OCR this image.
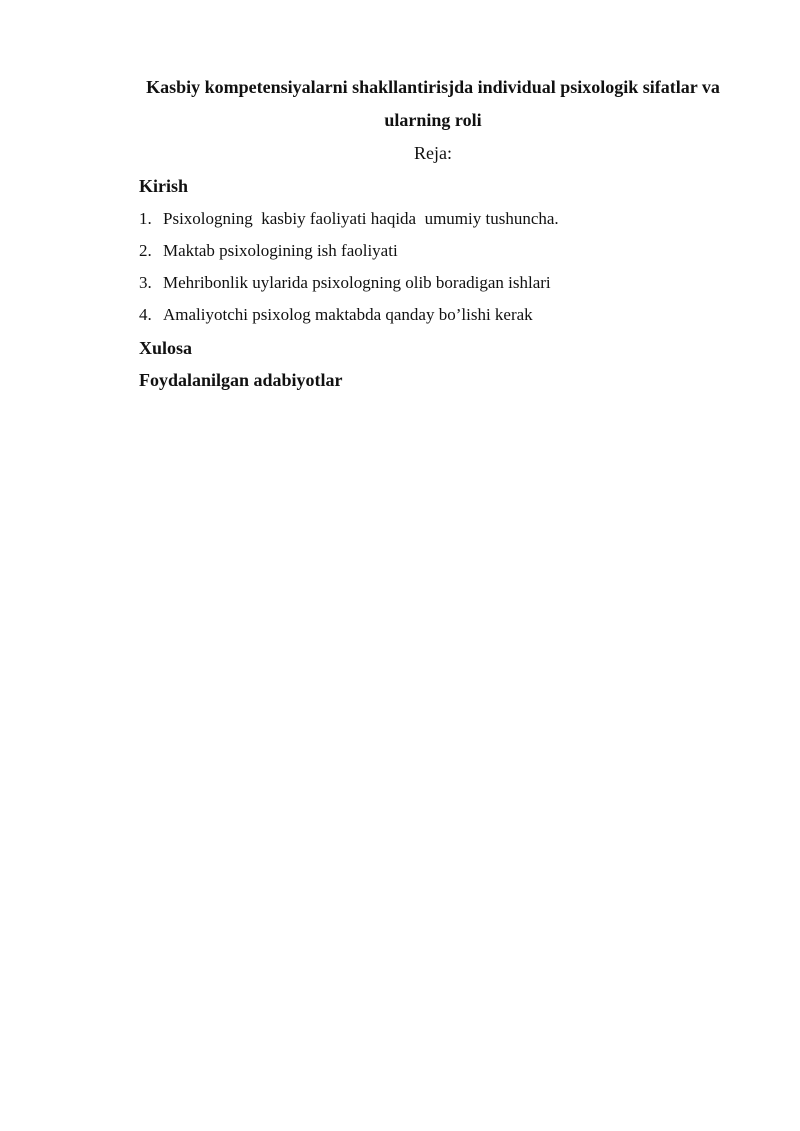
Kasbiy kompetensiyalarni shakllantirisjda individual psixologik sifatlar va
ularning roli
Reja:
Kirish
1. Psixologning  kasbiy faoliyati haqida  umumiy tushuncha.
2. Maktab psixologining ish faoliyati
3. Mehribonlik uylarida psixologning olib boradigan ishlari
4. Amaliyotchi psixolog maktabda qanday bo’lishi kerak
Xulosa
Foydalanilgan adabiyotlar
